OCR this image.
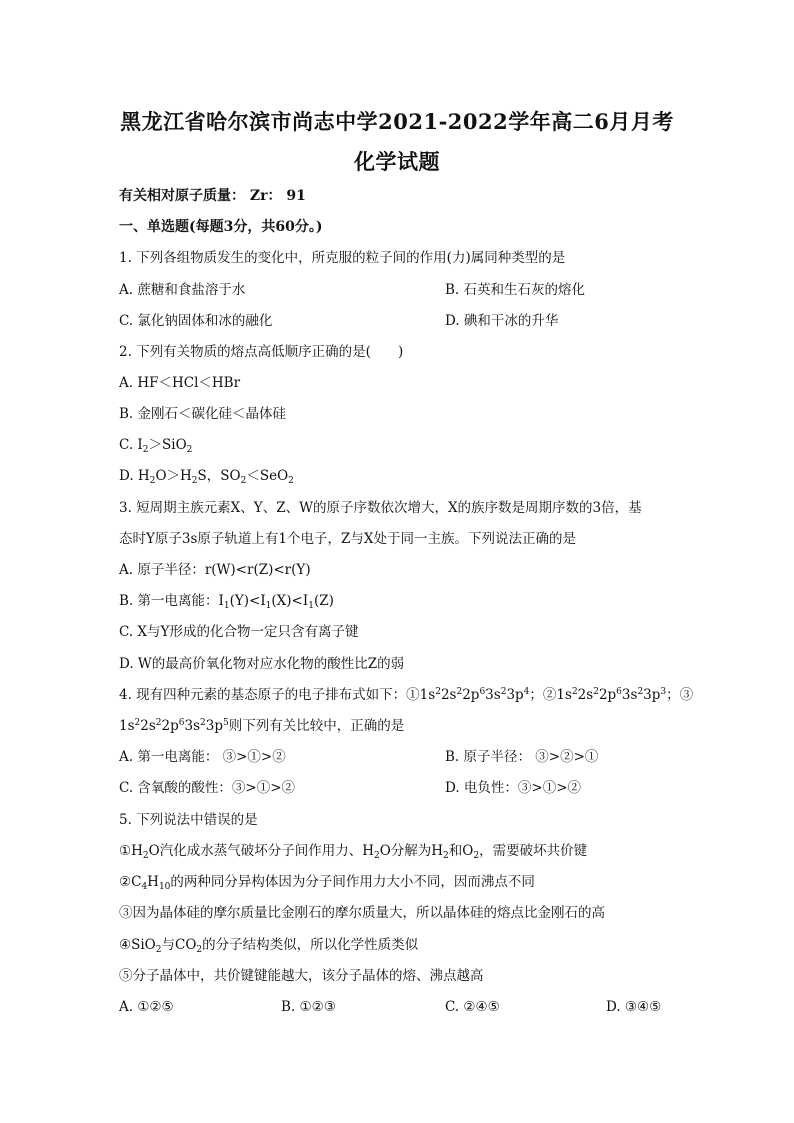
黑龙江省哈尔滨市尚志中学2021-2022学年高二6月月考
化学试题
有关相对原子质量： Zr： 91
一、单选题(每题3分，共60分。)
1. 下列各组物质发生的变化中，所克服的粒子间的作用(力)属同种类型的是
A. 蔗糖和食盐溶于水	B. 石英和生石灰的熔化
C. 氯化钠固体和冰的融化	D. 碘和干冰的升华
2. 下列有关物质的熔点高低顺序正确的是(　　)
A. HF＜HCl＜HBr
B. 金刚石＜碳化硅＜晶体硅
C. $I_2>SiO_2$
D. $H_2O>H_2S$，$SO_2<SeO_2$
3. 短周期主族元素X、Y、Z、W的原子序数依次增大，X的族序数是周期序数的3倍，基
态时Y原子3s原子轨道上有1个电子，Z与X处于同一主族。下列说法正确的是
A. 原子半径：r(W)<r(Z)<r(Y)
B. 第一电离能：$I_1(Y)<I_1(X)<I_1(Z)$
C. X与Y形成的化合物一定只含有离子键
D. W的最高价氧化物对应水化物的酸性比Z的弱
4. 现有四种元素的基态原子的电子排布式如下：$①1s^22s^22p^63s^23p^4$；$②1s^22s^22p^63s^23p^3$；③
$1s^22s^22p^63s^23p^5$则下列有关比较中，正确的是
A. 第一电离能： ③>①>②	B. 原子半径： ③>②>①
C. 含氧酸的酸性：③>①>②	D. 电负性：③>①>②
5. 下列说法中错误的是
$①H_2O$汽化成水蒸气破坏分子间作用力、$H_2O$分解为$H_2$和$O_2$，需要破坏共价键
$②C_4H_{10}$的两种同分异构体因为分子间作用力大小不同，因而沸点不同
③因为晶体硅的摩尔质量比金刚石的摩尔质量大，所以晶体硅的熔点比金刚石的高
④SiO$_2$与$CO_2$的分子结构类似，所以化学性质类似
⑤分子晶体中，共价键键能越大，该分子晶体的熔、沸点越高
A. ①②⑤	B. ①②③	C. ②④⑤	D. ③④⑤
